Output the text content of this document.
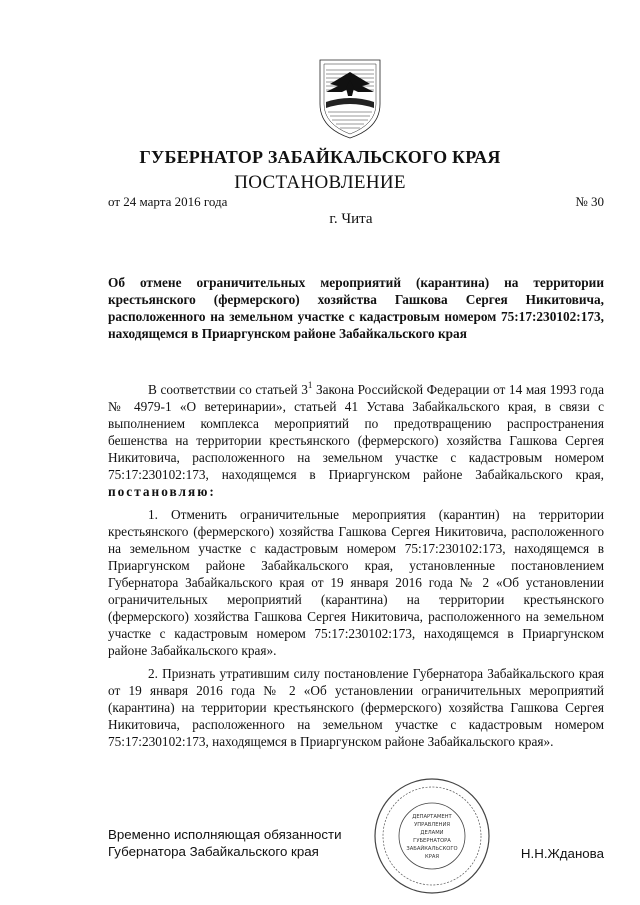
ГУБЕРНАТОР ЗАБАЙКАЛЬСКОГО КРАЯ
ПОСТАНОВЛЕНИЕ
от 24 марта 2016 года	№ 30
г. Чита
Об отмене ограничительных мероприятий (карантина) на территории крестьянского (фермерского) хозяйства Гашкова Сергея Никитовича, расположенного на земельном участке с кадастровым номером 75:17:230102:173, находящемся в Приаргунском районе Забайкальского края

В соответствии со статьей $3^1$ Закона Российской Федерации от 14 мая 1993 года № 4979-1 «О ветеринарии», статьей 41 Устава Забайкальского края, в связи с выполнением комплекса мероприятий по предотвращению распространения бешенства на территории крестьянского (фермерского) хозяйства Гашкова Сергея Никитовича, расположенного на земельном участке с кадастровым номером 75:17:230102:173, находящемся в Приаргунском районе Забайкальского края, постановляю:

1. Отменить ограничительные мероприятия (карантин) на территории крестьянского (фермерского) хозяйства Гашкова Сергея Никитовича, расположенного на земельном участке с кадастровым номером 75:17:230102:173, находящемся в Приаргунском районе Забайкальского края, установленные постановлением Губернатора Забайкальского края от 19 января 2016 года № 2 «Об установлении ограничительных мероприятий (карантина) на территории крестьянского (фермерского) хозяйства Гашкова Сергея Никитовича, расположенного на земельном участке с кадастровым номером 75:17:230102:173, находящемся в Приаргунском районе Забайкальского края».

2. Признать утратившим силу постановление Губернатора Забайкальского края от 19 января 2016 года № 2 «Об установлении ограничительных мероприятий (карантина) на территории крестьянского (фермерского) хозяйства Гашкова Сергея Никитовича, расположенного на земельном участке с кадастровым номером 75:17:230102:173, находящемся в Приаргунском районе Забайкальского края».

Временно исполняющая обязанности
Губернатора Забайкальского края	Н.Н.Жданова
ДЕПАРТАМЕНТ
УПРАВЛЕНИЯ
ДЕЛАМИ
ГУБЕРНАТОРА
ЗАБАЙКАЛЬСКОГО
КРАЯ
